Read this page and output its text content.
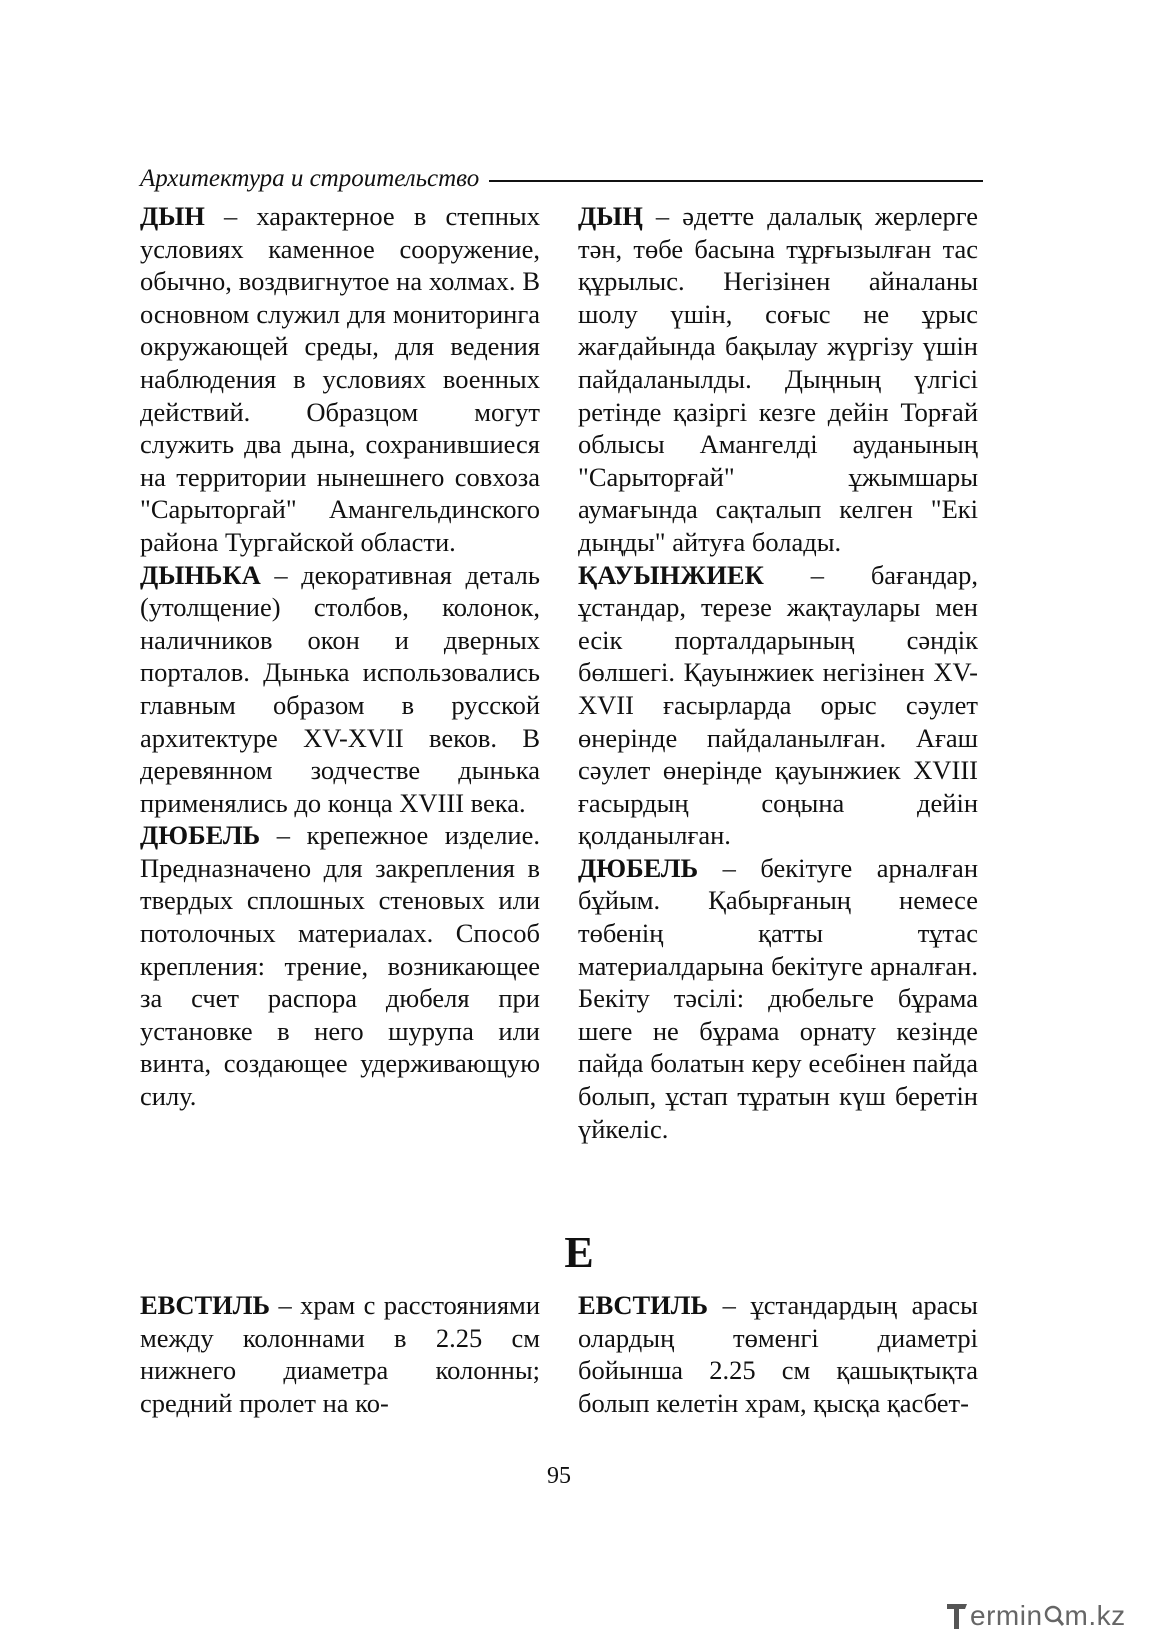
Архитектура и строительство

ДЫН – характерное в степных условиях каменное сооружение, обычно, воздвигнутое на холмах. В основном служил для мониторинга окружающей среды, для ведения наблюдения в условиях военных действий. Образцом могут служить два дына, сохранившиеся на территории нынешнего совхоза "Сарыторгай" Амангельдинского района Тургайской области.

ДЫНЬКА – декоративная деталь (утолщение) столбов, колонок, наличников окон и дверных порталов. Дынька использовались главным образом в русской архитектуре XV-XVII веков. В деревянном зодчестве дынька применялись до конца XVIII века.

ДЮБЕЛЬ – крепежное изделие. Предназначено для закрепления в твердых сплошных стеновых или потолочных материалах. Способ крепления: трение, возникающее за счет распора дюбеля при установке в него шурупа или винта, создающее удерживающую силу.

ДЫҢ – әдетте далалық жерлерге тән, төбе басына тұрғызылған тас құрылыс. Негізінен айналаны шолу үшін, соғыс не ұрыс жағдайында бақылау жүргізу үшін пайдаланылды. Дыңның үлгісі ретінде қазіргі кезге дейін Торғай облысы Амангелді ауданының "Сарыторғай" ұжымшары аумағында сақталып келген "Екі дыңды" айтуға болады.

ҚАУЫНЖИЕК – бағандар, ұстандар, терезе жақтаулары мен есік порталдарының сәндік бөлшегі. Қауынжиек негізінен XV-XVII ғасырларда орыс сәулет өнерінде пайдаланылған. Ағаш сәулет өнерінде қауынжиек XVIII ғасырдың соңына дейін қолданылған.

ДЮБЕЛЬ – бекітуге арналған бұйым. Қабырғаның немесе төбенің қатты тұтас материалдарына бекітуге арналған. Бекіту тәсілі: дюбельге бұрама шеге не бұрама орнату кезінде пайда болатын керу есебінен пайда болып, ұстап тұратын күш беретін үйкеліс.

Е

ЕВСТИЛЬ – храм с расстояниями между колоннами в 2.25 см нижнего диаметра колонны; средний пролет на ко-

ЕВСТИЛЬ – ұстандардың арасы олардың төменгі диаметрі бойынша 2.25 см қашықтықта болып келетін храм, қысқа қасбет-

95
ermin m.kz
